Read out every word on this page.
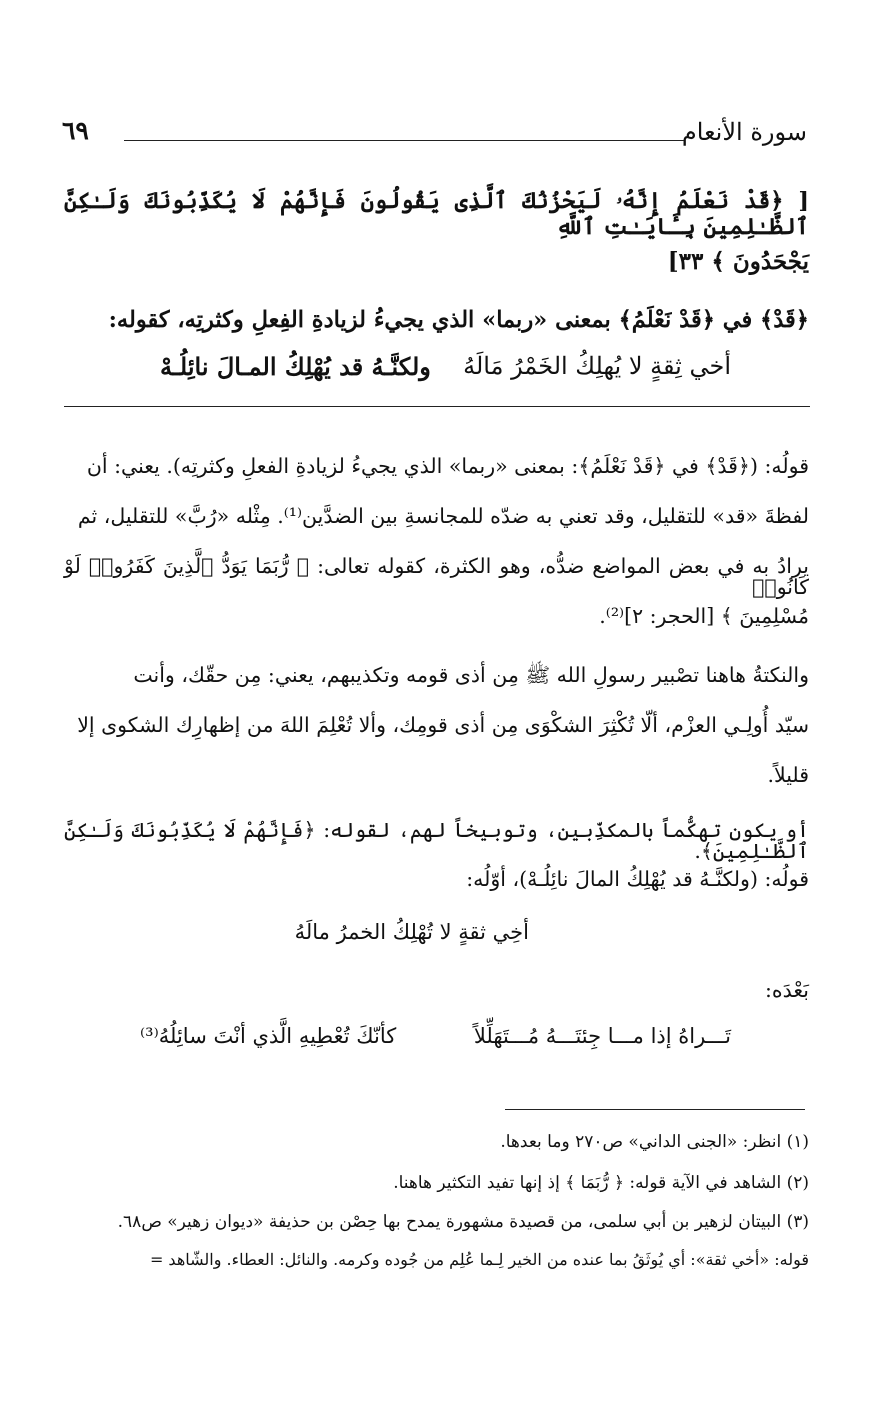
سورة الأنعام
٦٩
[ ﴿قَدْ نَعْلَمُ إِنَّهُۥ لَيَحْزُنُكَ ٱلَّذِى يَقُولُونَ فَإِنَّهُمْ لَا يُكَذِّبُونَكَ وَلَـٰكِنَّ ٱلظَّـٰلِمِينَ بِـَٔايَـٰتِ ٱللَّهِ
يَجْحَدُونَ ﴾ ٣٣]
﴿قَدْ﴾ في ﴿قَدْ نَعْلَمُ﴾ بمعنى «ربما» الذي يجيءُ لزيادةِ الفِعلِ وكثرتِه، كقوله:
أخي ثِقةٍ لا يُهلِكُ الخَمْرُ مَالَهُ
ولكنَّـهُ قد يُهْلِكُ المـالَ نائِلُـهْ
قولُه: (﴿قَدْ﴾ في ﴿قَدْ نَعْلَمُ﴾: بمعنى «ربما» الذي يجيءُ لزيادةِ الفعلِ وكثرتِه). يعني: أن
لفظةَ «قد» للتقليل، وقد تعني به ضدّه للمجانسةِ بين الضدَّين⁽¹⁾. مِثْله «رُبَّ» للتقليل، ثم
يرادُ به في بعض المواضع ضدُّه، وهو الكثرة، كقوله تعالى: ﴿ رُّبَمَا يَوَدُّ ٱلَّذِينَ كَفَرُوا۟ لَوْ كَانُوا۟
مُسْلِمِينَ ﴾ [الحجر: ٢]⁽²⁾.
والنكتةُ هاهنا تصْبير رسولِ الله ﷺ مِن أذى قومه وتكذيبهم، يعني: مِن حقّك، وأنت
سيّد أُولِـي العزْم، ألّا تُكْثِرَ الشكْوَى مِن أذى قومِك، وألا تُعْلِمَ اللهَ من إظهارِك الشكوى إلا
قليلاً.
أو يكون تهكُّماً بالمكذِّبين، وتوبيخاً لهم، لقوله: ﴿فَإِنَّهُمْ لَا يُكَذِّبُونَكَ وَلَـٰكِنَّ ٱلظَّـٰلِمِينَ﴾.
قولُه: (ولكنَّـهُ قد يُهْلِكُ المالَ نائِلُـهْ)، أوّلُه:
أخِي ثقةٍ لا تُهْلِكُ الخمرُ مالَهُ
بَعْدَه:
تَـــراهُ إذا مـــا جِئتَـــهُ مُـــتَهَلِّلاً
كأنّكَ تُعْطِيهِ الَّذي أنْتَ سائِلُهُ⁽³⁾
(١) انظر: «الجنى الداني» ص٢٧٠ وما بعدها.
(٢) الشاهد في الآية قوله: ﴿ رُّبَمَا ﴾ إذ إنها تفيد التكثير هاهنا.
(٣) البيتان لزهير بن أبي سلمى، من قصيدة مشهورة يمدح بها حِصْن بن حذيفة «ديوان زهير» ص٦٨.
قوله: «أخي ثقة»: أي يُوثَقُ بما عنده من الخير لِـما عُلِم من جُوده وكرمه. والنائل: العطاء. والشّاهد =
